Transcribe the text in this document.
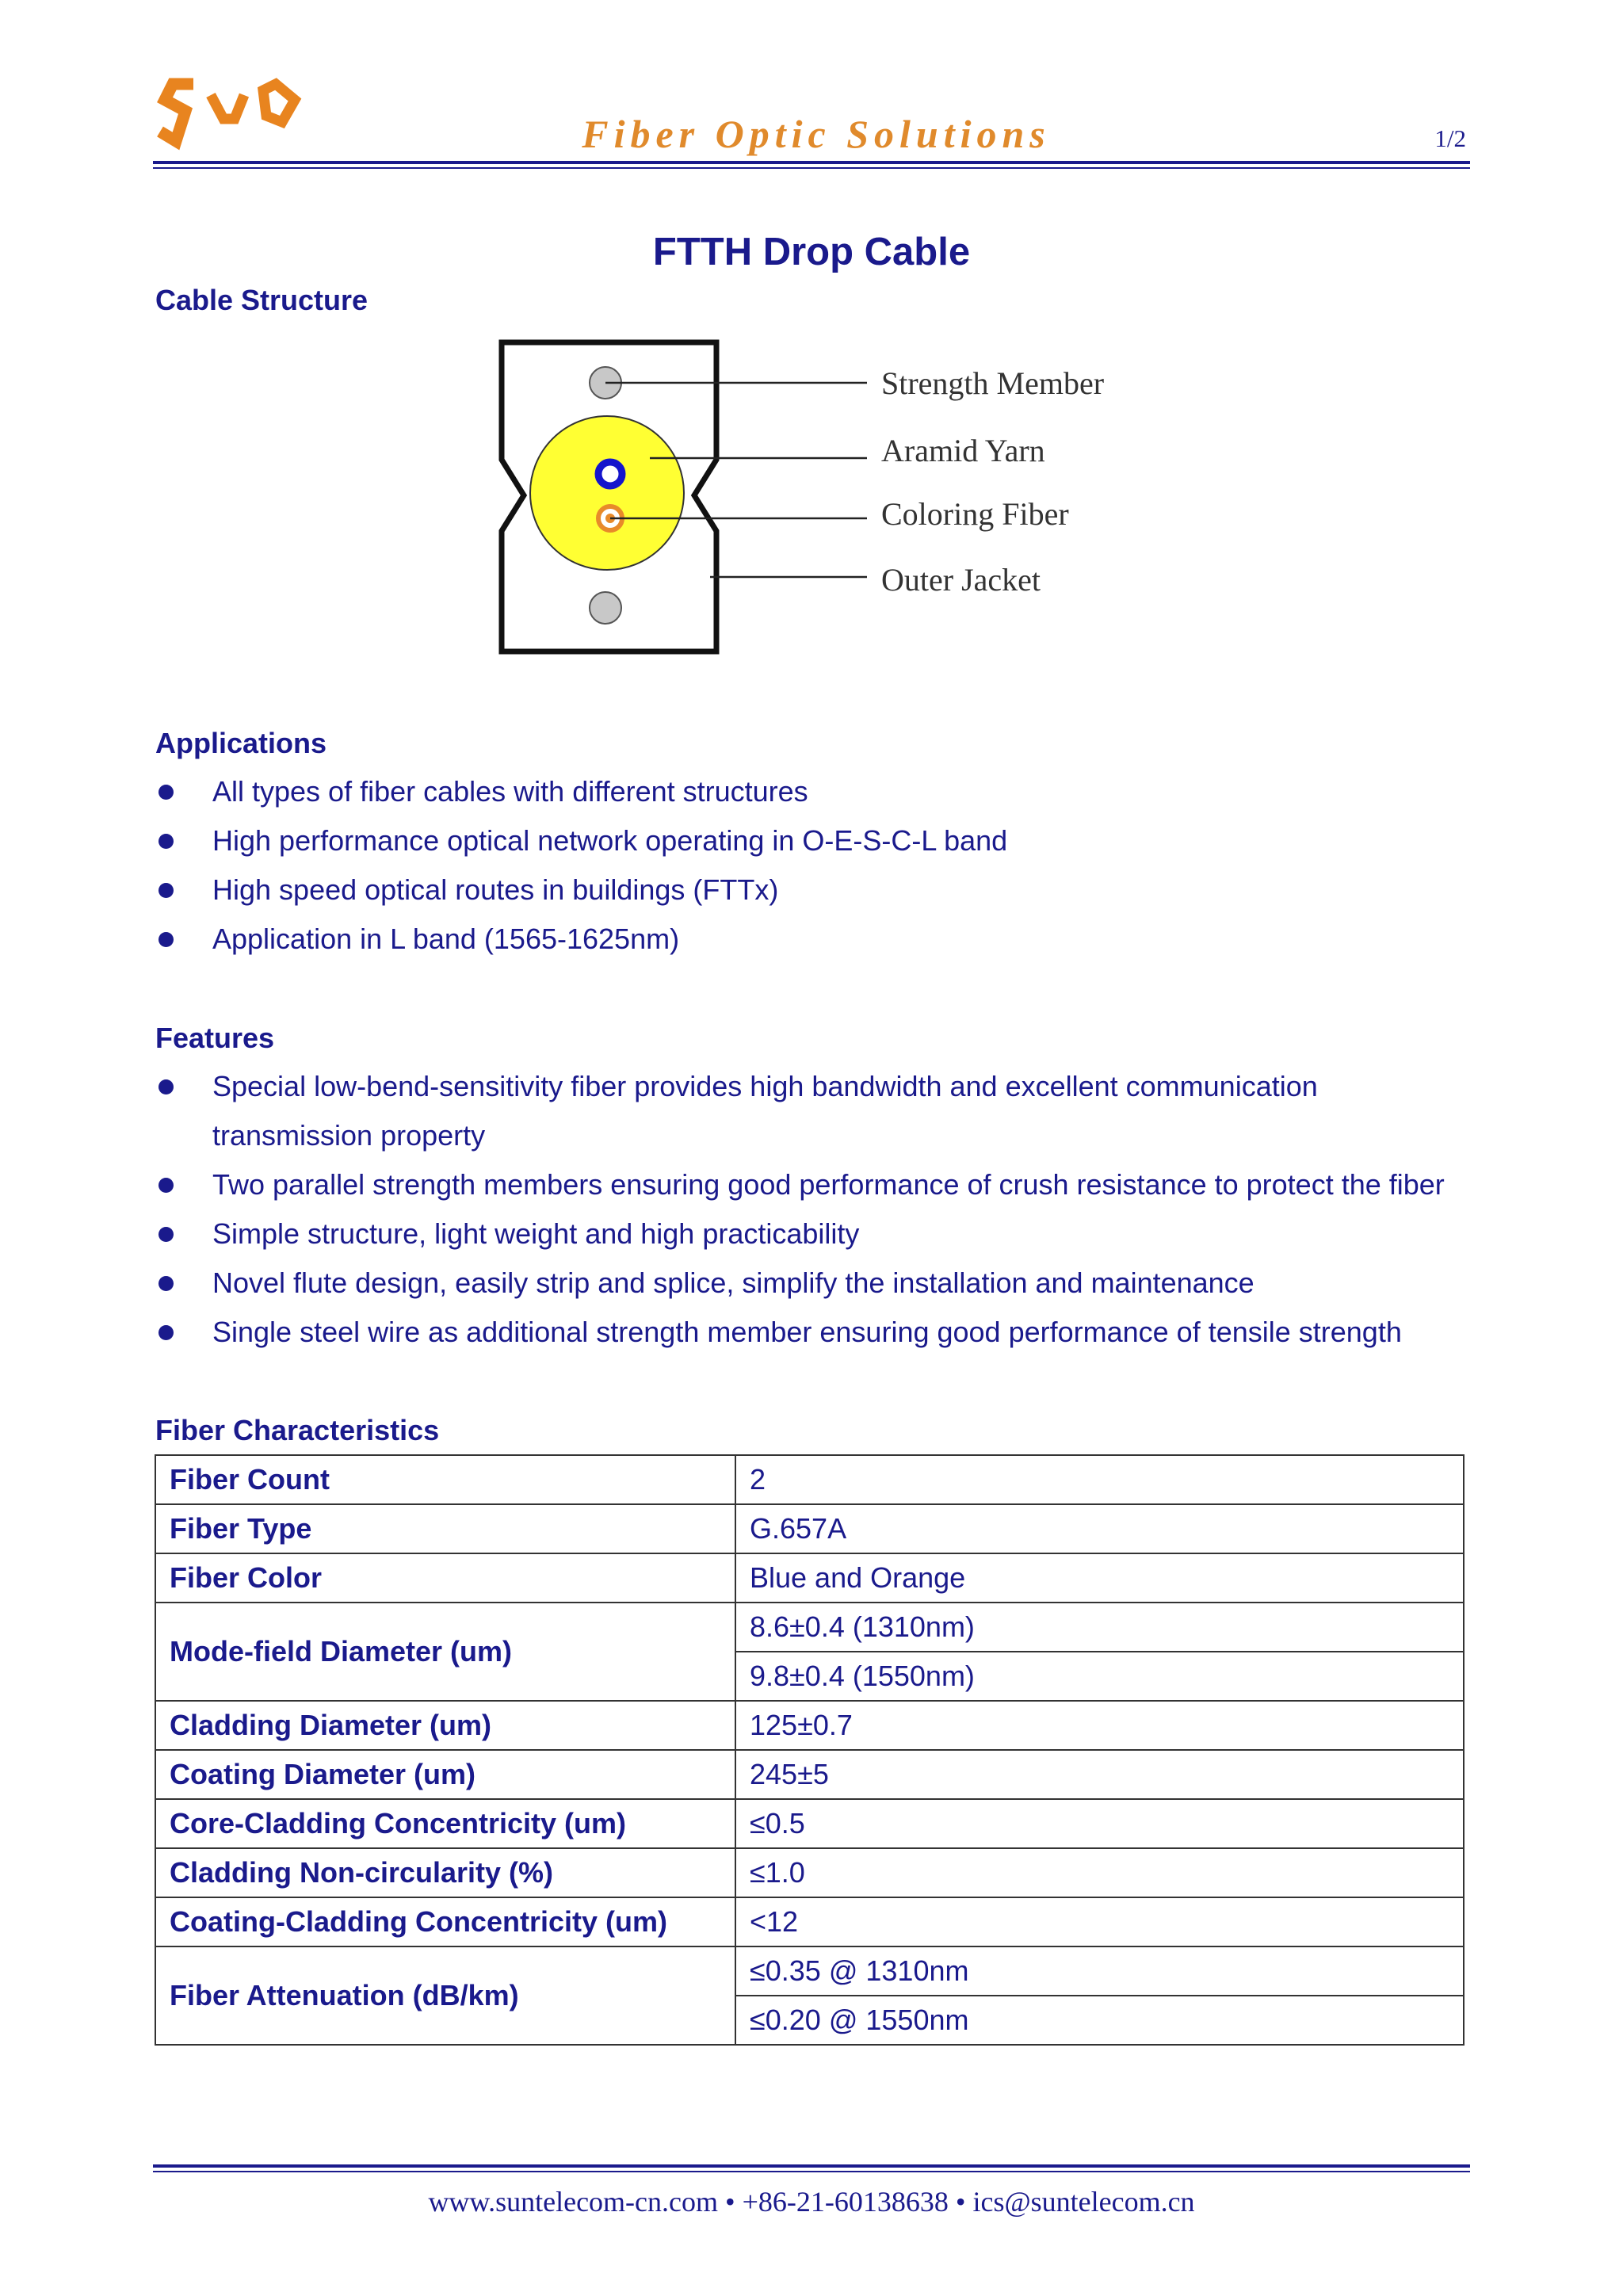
Fiber Optic Solutions	1/2
FTTH Drop Cable
Cable Structure
Strength Member
Aramid Yarn
Coloring Fiber
Outer Jacket
Applications
All types of fiber cables with different structures
High performance optical network operating in O-E-S-C-L band
High speed optical routes in buildings (FTTx)
Application in L band (1565-1625nm)
Features
Special low-bend-sensitivity fiber provides high bandwidth and excellent communication transmission property
Two parallel strength members ensuring good performance of crush resistance to protect the fiber
Simple structure, light weight and high practicability
Novel flute design, easily strip and splice, simplify the installation and maintenance
Single steel wire as additional strength member ensuring good performance of tensile strength
Fiber Characteristics
Fiber Count	2
Fiber Type	G.657A
Fiber Color	Blue and Orange
Mode-field Diameter (um)	8.6±0.4 (1310nm)
	9.8±0.4 (1550nm)
Cladding Diameter (um)	125±0.7
Coating Diameter (um)	245±5
Core-Cladding Concentricity (um)	≤0.5
Cladding Non-circularity (%)	≤1.0
Coating-Cladding Concentricity (um)	<12
Fiber Attenuation (dB/km)	≤0.35 @ 1310nm
	≤0.20 @ 1550nm
www.suntelecom-cn.com • +86-21-60138638 • ics@suntelecom.cn
